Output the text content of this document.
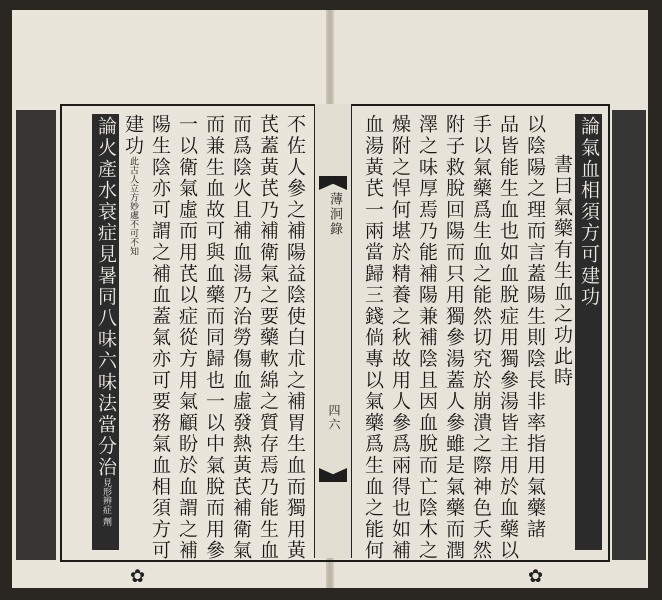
薄泂錄
四六
論氣血相須方可建功
書曰氣藥有生血之功此時
以陰陽之理而言蓋陽生則陰長非率指用氣藥諸
品皆能生血也如血脫症用獨參湯皆主用於血藥以
手以氣藥爲生血之能然切究於崩潰之際神色夭然
附子救脫回陽而只用獨參湯蓋人參雖是氣藥而潤
澤之味厚焉乃能補陽兼補陰且因血脫而亡陰木之
燥附之悍何堪於精養之秋故用人參爲兩得也如補
血湯黃芪一兩當歸三錢倘專以氣藥爲生血之能何
不佐人參之補陽益陰使白朮之補胃生血而獨用黃
芪蓋黃芪乃補衛氣之要藥軟綿之質存焉乃能生血
而爲陰火且補血湯乃治勞傷血虛發熱黃芪補衛氣
而兼生血故可與血藥而同歸也一以中氣脫而用參
一以衛氣虛而用芪以症從方用氣顧盼於血謂之補
陽生陰亦可謂之補血蓋氣亦可要務氣血相須方可
建功此古人立方妙處不可不知
論火產水衰症見暑同八味六味法當分治見形辨症 劑
✿	✿
